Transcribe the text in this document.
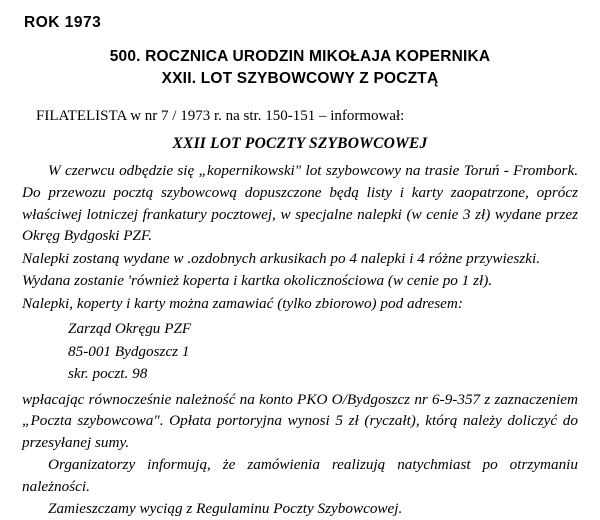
ROK 1973
500. ROCZNICA URODZIN MIKOŁAJA KOPERNIKA
XXII. LOT SZYBOWCOWY Z POCZTĄ
FILATELISTA w nr 7 / 1973 r. na str. 150-151 – informował:
XXII LOT POCZTY SZYBOWCOWEJ

W czerwcu odbędzie się „kopernikowski" lot szybowcowy na trasie Toruń - Frombork. Do przewozu pocztą szybowcową dopuszczone będą listy i karty zaopatrzone, oprócz właściwej lotniczej frankatury pocztowej, w specjalne nalepki (w cenie 3 zł) wydane przez Okręg Bydgoski PZF.

Nalepki zostaną wydane w .ozdobnych arkusikach po 4 nalepki i 4 różne przywieszki.

Wydana zostanie 'również koperta i kartka okolicznościowa (w cenie po 1 zł).

Nalepki, koperty i karty można zamawiać (tylko zbiorowo) pod adresem:

Zarząd Okręgu PZF
85-001 Bydgoszcz 1
skr. poczt. 98

wpłacając równocześnie należność na konto PKO O/Bydgoszcz nr 6-9-357 z zaznaczeniem „Poczta szybowcowa". Opłata portoryjna wynosi 5 zł (ryczałt), którą należy doliczyć do przesyłanej sumy.

Organizatorzy informują, że zamówienia realizują natychmiast po otrzymaniu należności.

Zamieszczamy wyciąg z Regulaminu Poczty Szybowcowej.
